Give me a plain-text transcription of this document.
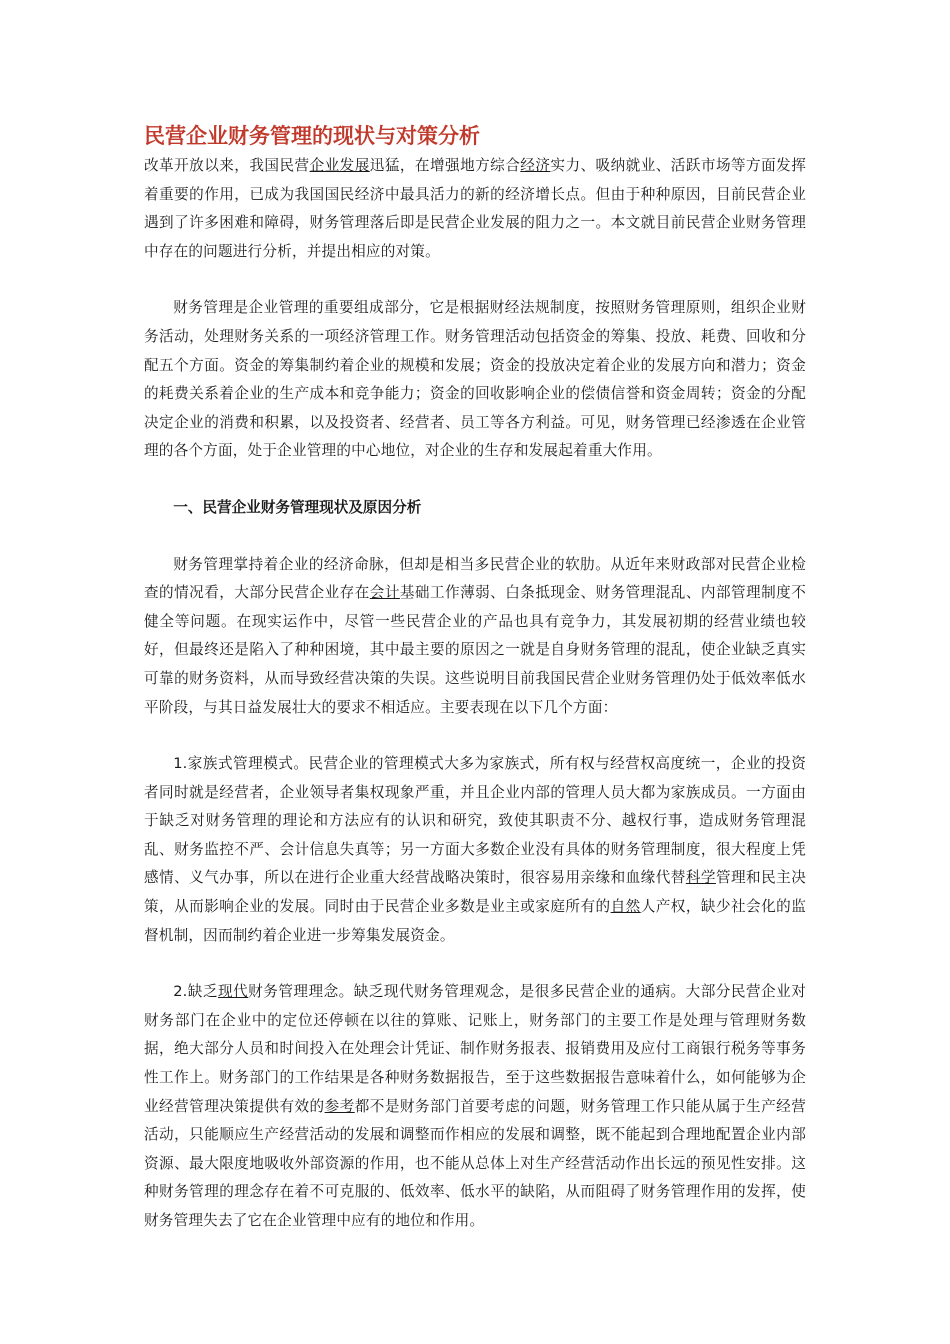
民营企业财务管理的现状与对策分析

改革开放以来，我国民营企业发展迅猛，在增强地方综合经济实力、吸纳就业、活跃市场等方面发挥着重要的作用，已成为我国国民经济中最具活力的新的经济增长点。但由于种种原因，目前民营企业遇到了许多困难和障碍，财务管理落后即是民营企业发展的阻力之一。本文就目前民营企业财务管理中存在的问题进行分析，并提出相应的对策。

财务管理是企业管理的重要组成部分，它是根据财经法规制度，按照财务管理原则，组织企业财务活动，处理财务关系的一项经济管理工作。财务管理活动包括资金的筹集、投放、耗费、回收和分配五个方面。资金的筹集制约着企业的规模和发展；资金的投放决定着企业的发展方向和潜力；资金的耗费关系着企业的生产成本和竞争能力；资金的回收影响企业的偿债信誉和资金周转；资金的分配决定企业的消费和积累，以及投资者、经营者、员工等各方利益。可见，财务管理已经渗透在企业管理的各个方面，处于企业管理的中心地位，对企业的生存和发展起着重大作用。

一、民营企业财务管理现状及原因分析

财务管理掌持着企业的经济命脉，但却是相当多民营企业的软肋。从近年来财政部对民营企业检查的情况看，大部分民营企业存在会计基础工作薄弱、白条抵现金、财务管理混乱、内部管理制度不健全等问题。在现实运作中，尽管一些民营企业的产品也具有竞争力，其发展初期的经营业绩也较好，但最终还是陷入了种种困境，其中最主要的原因之一就是自身财务管理的混乱，使企业缺乏真实可靠的财务资料，从而导致经营决策的失误。这些说明目前我国民营企业财务管理仍处于低效率低水平阶段，与其日益发展壮大的要求不相适应。主要表现在以下几个方面：

1.家族式管理模式。民营企业的管理模式大多为家族式，所有权与经营权高度统一，企业的投资者同时就是经营者，企业领导者集权现象严重，并且企业内部的管理人员大都为家族成员。一方面由于缺乏对财务管理的理论和方法应有的认识和研究，致使其职责不分、越权行事，造成财务管理混乱、财务监控不严、会计信息失真等；另一方面大多数企业没有具体的财务管理制度，很大程度上凭感情、义气办事，所以在进行企业重大经营战略决策时，很容易用亲缘和血缘代替科学管理和民主决策，从而影响企业的发展。同时由于民营企业多数是业主或家庭所有的自然人产权，缺少社会化的监督机制，因而制约着企业进一步筹集发展资金。

2.缺乏现代财务管理理念。缺乏现代财务管理观念，是很多民营企业的通病。大部分民营企业对财务部门在企业中的定位还停顿在以往的算账、记账上，财务部门的主要工作是处理与管理财务数据，绝大部分人员和时间投入在处理会计凭证、制作财务报表、报销费用及应付工商银行税务等事务性工作上。财务部门的工作结果是各种财务数据报告，至于这些数据报告意味着什么，如何能够为企业经营管理决策提供有效的参考都不是财务部门首要考虑的问题，财务管理工作只能从属于生产经营活动，只能顺应生产经营活动的发展和调整而作相应的发展和调整，既不能起到合理地配置企业内部资源、最大限度地吸收外部资源的作用，也不能从总体上对生产经营活动作出长远的预见性安排。这种财务管理的理念存在着不可克服的、低效率、低水平的缺陷，从而阻碍了财务管理作用的发挥，使财务管理失去了它在企业管理中应有的地位和作用。
